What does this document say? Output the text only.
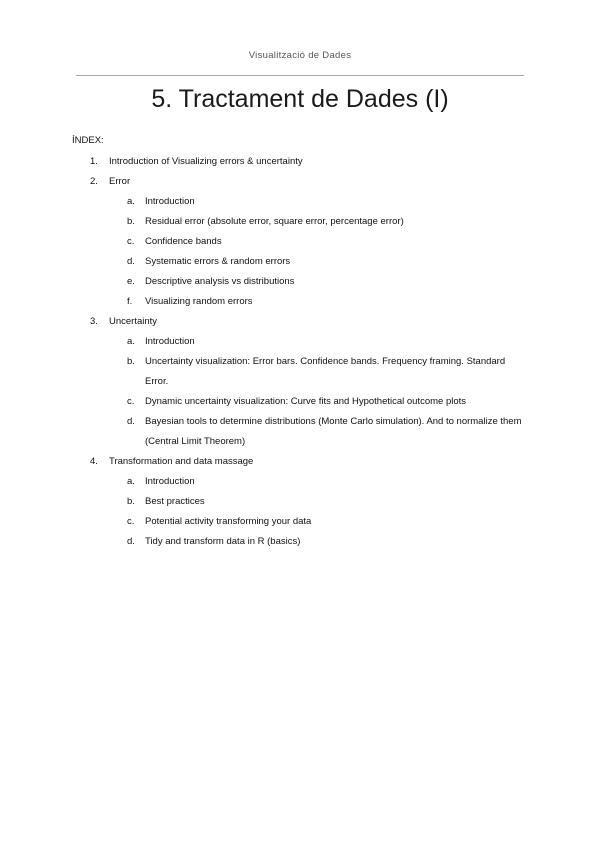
Visualització de Dades
5. Tractament de Dades (I)
ÍNDEX:
1. Introduction of Visualizing errors & uncertainty
2. Error
a. Introduction
b. Residual error (absolute error, square error, percentage error)
c. Confidence bands
d. Systematic errors & random errors
e. Descriptive analysis vs distributions
f. Visualizing random errors
3. Uncertainty
a. Introduction
b. Uncertainty visualization: Error bars. Confidence bands. Frequency framing. Standard Error.
c. Dynamic uncertainty visualization: Curve fits and Hypothetical outcome plots
d. Bayesian tools to determine distributions (Monte Carlo simulation). And to normalize them (Central Limit Theorem)
4. Transformation and data massage
a. Introduction
b. Best practices
c. Potential activity transforming your data
d. Tidy and transform data in R (basics)
